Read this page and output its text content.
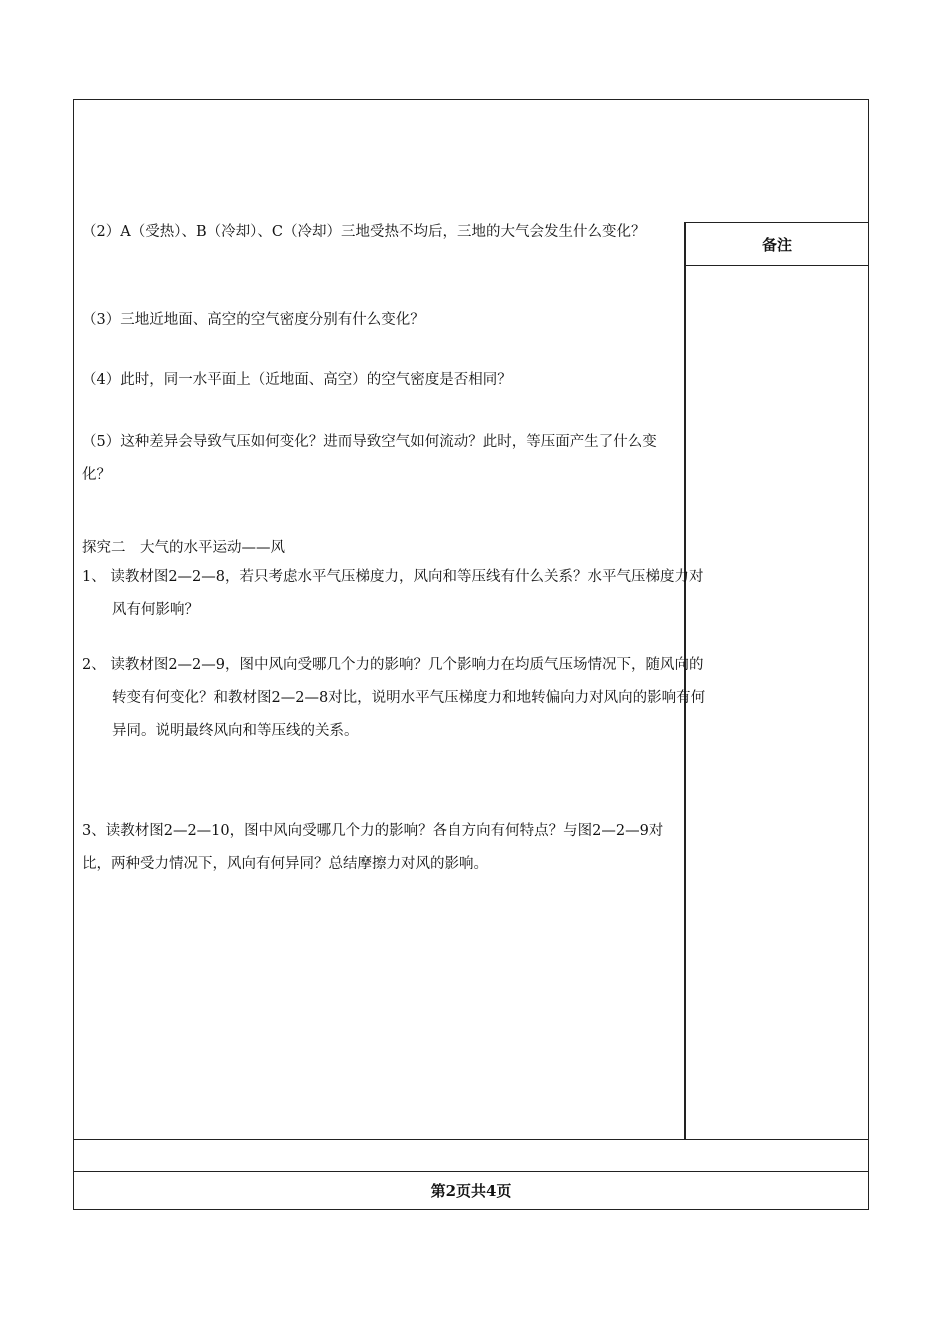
备注
第2页共4页

（2）A（受热）、B（冷却）、C（冷却）三地受热不均后，三地的大气会发生什么变化？

（3）三地近地面、高空的空气密度分别有什么变化？

（4）此时，同一水平面上（近地面、高空）的空气密度是否相同？

（5）这种差异会导致气压如何变化？进而导致空气如何流动？此时，等压面产生了什么变化？

探究二　大气的水平运动——风

1、 读教材图2—2—8，若只考虑水平气压梯度力，风向和等压线有什么关系？水平气压梯度力对风有何影响？

2、 读教材图2—2—9，图中风向受哪几个力的影响？几个影响力在均质气压场情况下，随风向的转变有何变化？和教材图2—2—8对比，说明水平气压梯度力和地转偏向力对风向的影响有何异同。说明最终风向和等压线的关系。

3、读教材图2—2—10，图中风向受哪几个力的影响？各自方向有何特点？与图2—2—9对比，两种受力情况下，风向有何异同？总结摩擦力对风的影响。
